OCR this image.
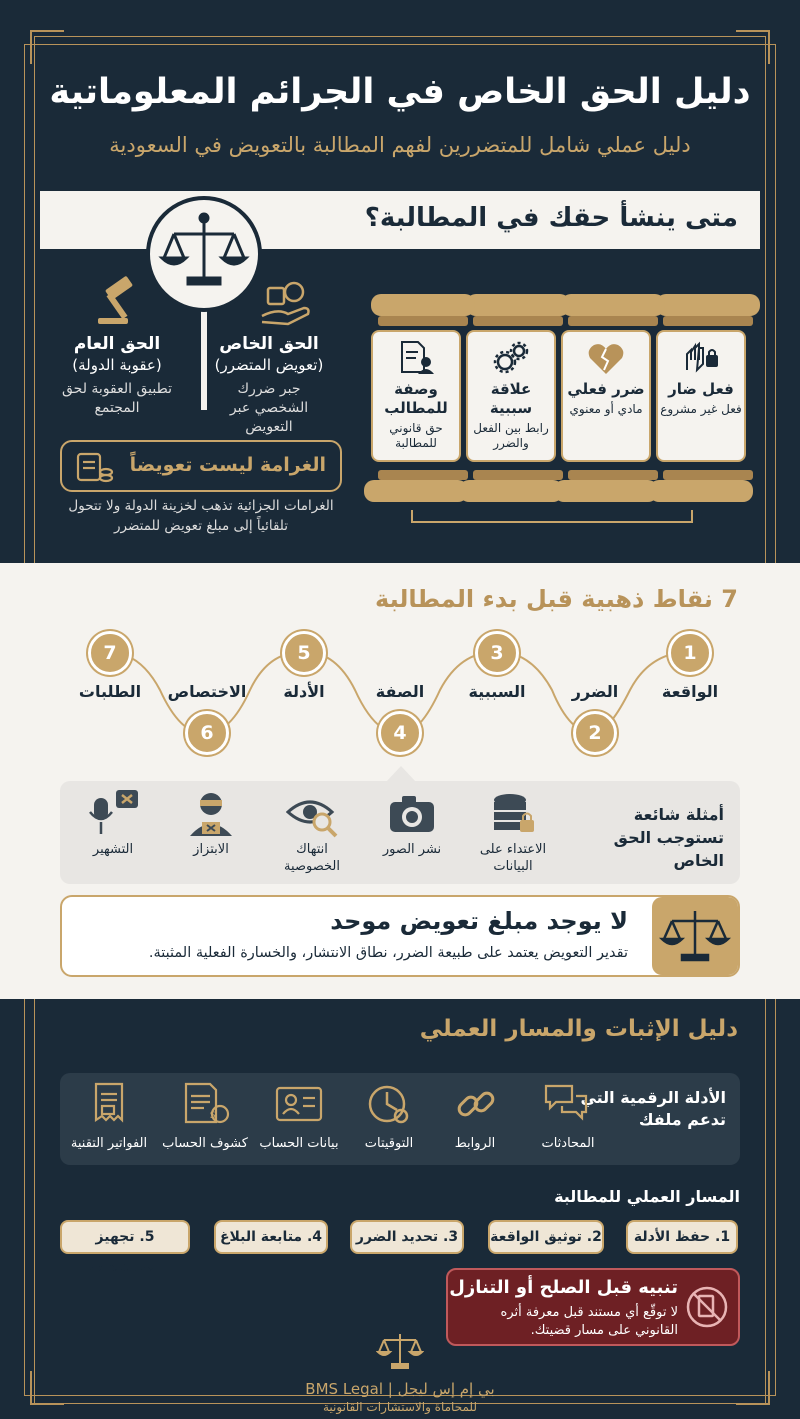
دليل الحق الخاص في الجرائم المعلوماتية
دليل عملي شامل للمتضررين لفهم المطالبة بالتعويض في السعودية
متى ينشأ حقك في المطالبة؟
الحق الخاص
(تعويض المتضرر)
جبر ضررك الشخصي عبر التعويض
الحق العام
(عقوبة الدولة)
تطبيق العقوبة لحق المجتمع
الغرامة ليست تعويضاً
الغرامات الجزائية تذهب لخزينة الدولة ولا تتحول تلقائياً إلى مبلغ تعويض للمتضرر
فعل ضار
فعل غير مشروع
ضرر فعلي
مادي أو معنوي
علاقة سببية
رابط بين الفعل والضرر
وصفة للمطالب
حق قانوني للمطالبة
7 نقاط ذهبية قبل بدء المطالبة
1
2
3
4
5
6
7
الواقعة
الضرر
السببية
الصفة
الأدلة
الاختصاص
الطلبات
أمثلة شائعة تستوجب الحق الخاص
الاعتداء على البيانات
نشر الصور
انتهاك الخصوصية
الابتزاز
التشهير
لا يوجد مبلغ تعويض موحد
تقدير التعويض يعتمد على طبيعة الضرر، نطاق الانتشار، والخسارة الفعلية المثبتة.
دليل الإثبات والمسار العملي
الأدلة الرقمية التي تدعم ملفك
$
المحادثات
الروابط
التوقيتات
بيانات الحساب
كشوف الحساب
الفواتير التقنية
المسار العملي للمطالبة
1. حفظ الأدلة
2. توثيق الواقعة
3. تحديد الضرر
4. متابعة البلاغ
5. تجهيز المستندات
تنبيه قبل الصلح أو التنازل
لا توقّع أي مستند قبل معرفة أثره القانوني على مسار قضيتك.
بي إم إس ليجل | BMS Legal
للمحاماة والاستشارات القانونية
